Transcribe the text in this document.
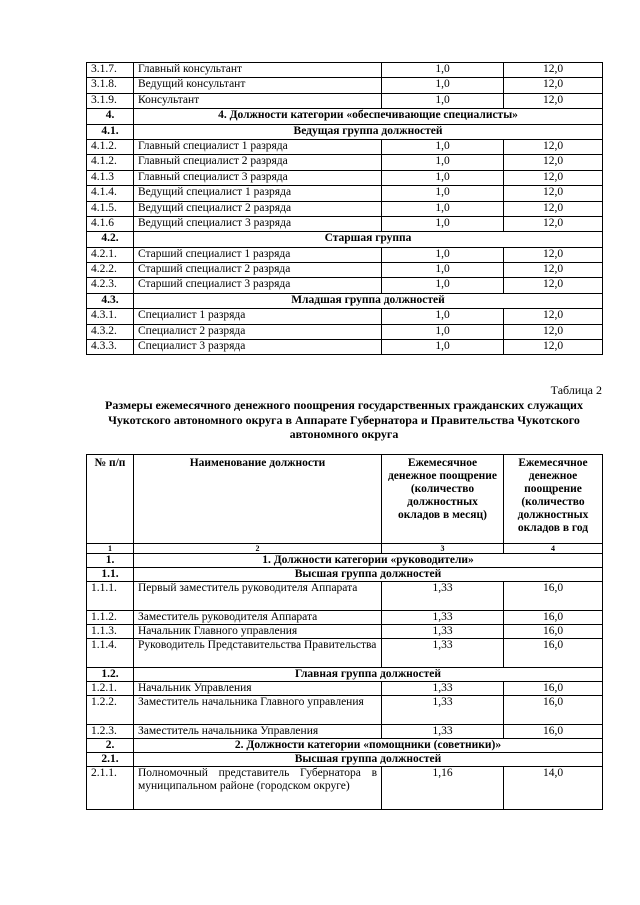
3.1.7.	Главный консультант	1,0	12,0
3.1.8.	Ведущий консультант	1,0	12,0
3.1.9.	Консультант	1,0	12,0
4.	4. Должности категории «обеспечивающие специалисты»		
4.1.	Ведущая группа должностей		
4.1.2.	Главный специалист 1 разряда	1,0	12,0
4.1.2.	Главный специалист 2 разряда	1,0	12,0
4.1.3	Главный специалист 3 разряда	1,0	12,0
4.1.4.	Ведущий специалист 1 разряда	1,0	12,0
4.1.5.	Ведущий специалист 2 разряда	1,0	12,0
4.1.6	Ведущий специалист 3 разряда	1,0	12,0
4.2.	Старшая группа		
4.2.1.	Старший специалист 1 разряда	1,0	12,0
4.2.2.	Старший специалист 2 разряда	1,0	12,0
4.2.3.	Старший специалист 3 разряда	1,0	12,0
4.3.	Младшая группа должностей		
4.3.1.	Специалист 1 разряда	1,0	12,0
4.3.2.	Специалист 2 разряда	1,0	12,0
4.3.3.	Специалист 3 разряда	1,0	12,0
Таблица 2
Размеры ежемесячного денежного поощрения государственных гражданских служащих Чукотского автономного округа в Аппарате Губернатора и Правительства Чукотского автономного округа
№ п/п	Наименование должности	Ежемесячное денежное поощрение (количество должностных окладов в месяц)	Ежемесячное денежное поощрение (количество должностных окладов в год
1	2	3	4
1.	1. Должности категории «руководители»		
1.1.	Высшая группа должностей		
1.1.1.	Первый заместитель руководителя Аппарата	1,33	16,0
1.1.2.	Заместитель руководителя Аппарата	1,33	16,0
1.1.3.	Начальник Главного управления	1,33	16,0
1.1.4.	Руководитель Представительства Правительства	1,33	16,0
1.2.	Главная группа должностей		
1.2.1.	Начальник Управления	1,33	16,0
1.2.2.	Заместитель начальника Главного управления	1,33	16,0
1.2.3.	Заместитель начальника Управления	1,33	16,0
2.	2. Должности категории «помощники (советники)»		
2.1.	Высшая группа должностей		
2.1.1.	Полномочный представитель Губернатора в муниципальном районе (городском округе)	1,16	14,0
